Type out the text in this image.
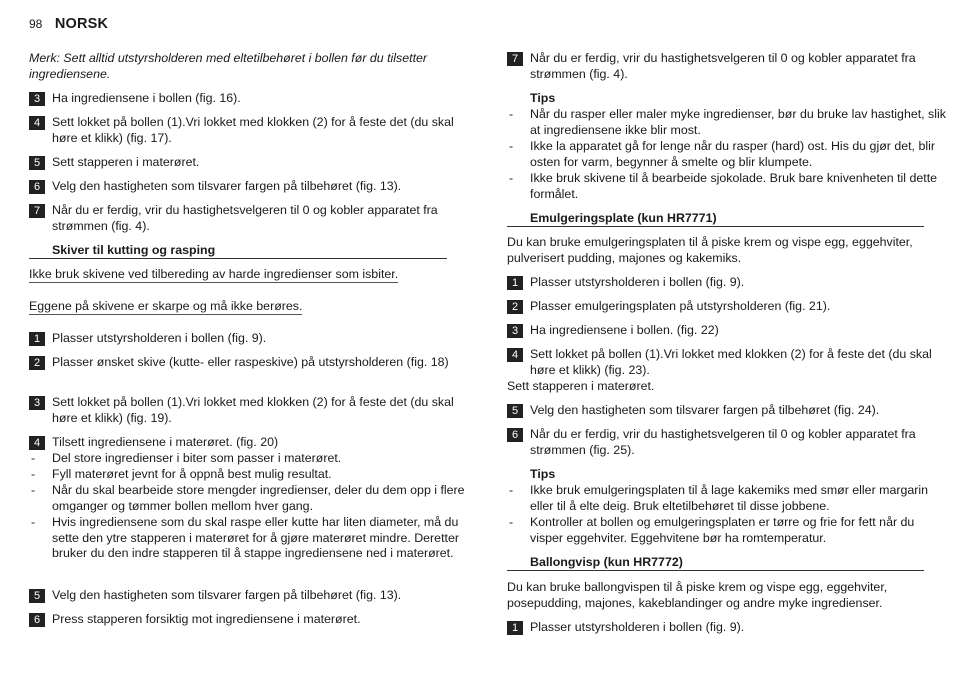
98 NORSK
Merk: Sett alltid utstyrsholderen med eltetilbehøret i bollen før du tilsetter ingrediensene.
3 Ha ingrediensene i bollen (fig. 16).
4 Sett lokket på bollen (1).Vri lokket med klokken (2) for å feste det (du skal høre et klikk) (fig. 17).
5 Sett stapperen i materøret.
6 Velg den hastigheten som tilsvarer fargen på tilbehøret (fig. 13).
7 Når du er ferdig, vrir du hastighetsvelgeren til 0 og kobler apparatet fra strømmen (fig. 4).
Skiver til kutting og rasping
Ikke bruk skivene ved tilbereding av harde ingredienser som isbiter.
Eggene på skivene er skarpe og må ikke berøres.
1 Plasser utstyrsholderen i bollen (fig. 9).
2 Plasser ønsket skive (kutte- eller raspeskive) på utstyrsholderen (fig. 18)
3 Sett lokket på bollen (1).Vri lokket med klokken (2) for å feste det (du skal høre et klikk) (fig. 19).
4 Tilsett ingrediensene i materøret. (fig. 20)
- Del store ingredienser i biter som passer i materøret.
- Fyll materøret jevnt for å oppnå best mulig resultat.
- Når du skal bearbeide store mengder ingredienser, deler du dem opp i flere omganger og tømmer bollen mellom hver gang.
- Hvis ingrediensene som du skal raspe eller kutte har liten diameter, må du sette den ytre stapperen i materøret for å gjøre materøret mindre. Deretter bruker du den indre stapperen til å stappe ingrediensene ned i materøret.
5 Velg den hastigheten som tilsvarer fargen på tilbehøret (fig. 13).
6 Press stapperen forsiktig mot ingrediensene i materøret.
7 Når du er ferdig, vrir du hastighetsvelgeren til 0 og kobler apparatet fra strømmen (fig. 4).
Tips
- Når du rasper eller maler myke ingredienser, bør du bruke lav hastighet, slik at ingrediensene ikke blir most.
- Ikke la apparatet gå for lenge når du rasper (hard) ost. His du gjør det, blir osten for varm, begynner å smelte og blir klumpete.
- Ikke bruk skivene til å bearbeide sjokolade. Bruk bare knivenheten til dette formålet.
Emulgeringsplate (kun HR7771)
Du kan bruke emulgeringsplaten til å piske krem og vispe egg, eggehviter, pulverisert pudding, majones og kakemiks.
1 Plasser utstyrsholderen i bollen (fig. 9).
2 Plasser emulgeringsplaten på utstyrsholderen (fig. 21).
3 Ha ingrediensene i bollen. (fig. 22)
4 Sett lokket på bollen (1).Vri lokket med klokken (2) for å feste det (du skal høre et klikk) (fig. 23).
Sett stapperen i materøret.
5 Velg den hastigheten som tilsvarer fargen på tilbehøret (fig. 24).
6 Når du er ferdig, vrir du hastighetsvelgeren til 0 og kobler apparatet fra strømmen (fig. 25).
Tips
- Ikke bruk emulgeringsplaten til å lage kakemiks med smør eller margarin eller til å elte deig. Bruk eltetilbehøret til disse jobbene.
- Kontroller at bollen og emulgeringsplaten er tørre og frie for fett når du visper eggehviter. Eggehvitene bør ha romtemperatur.
Ballongvisp (kun HR7772)
Du kan bruke ballongvispen til å piske krem og vispe egg, eggehviter, posepudding, majones, kakeblandinger og andre myke ingredienser.
1 Plasser utstyrsholderen i bollen (fig. 9).
